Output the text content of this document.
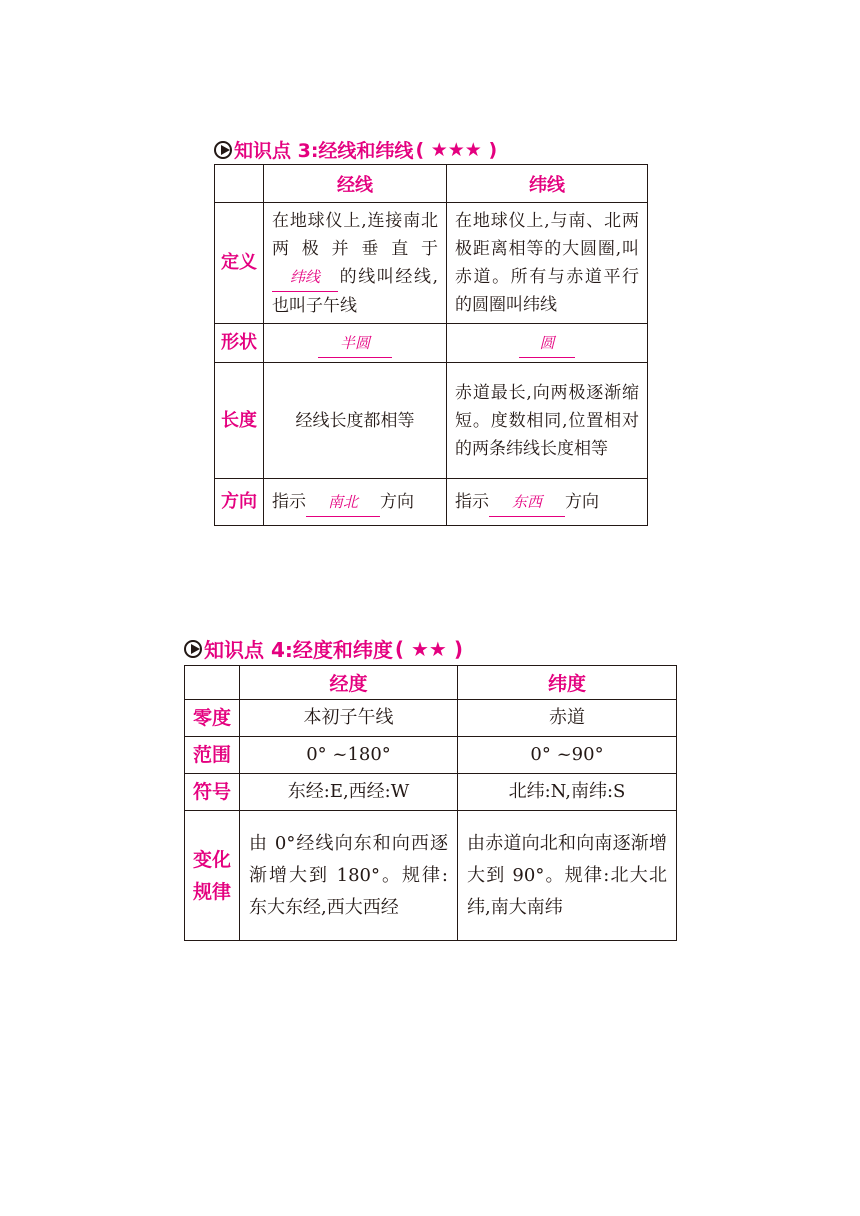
知识点 3:经线和纬线 ( ★★★ )
	经线	纬线
定义	在地球仪上,连接南北两极并垂直于纬线 的线叫经线,也叫子午线	在地球仪上,与南、北两极距离相等的大圆圈,叫赤道。所有与赤道平行的圆圈叫纬线
形状	半圆	圆
长度	经线长度都相等	赤道最长,向两极逐渐缩短。度数相同,位置相对的两条纬线长度相等
方向	指示 南北 方向	指示 东西 方向
知识点 4:经度和纬度 ( ★★ )
	经度	纬度
零度	本初子午线	赤道
范围	0° ~180°	0° ~90°
符号	东经:E,西经:W	北纬:N,南纬:S

变化
规律	由 0°经线向东和向西逐渐增大到 180°。规律:东大东经,西大西经	由赤道向北和向南逐渐增大到 90°。规律:北大北纬,南大南纬
